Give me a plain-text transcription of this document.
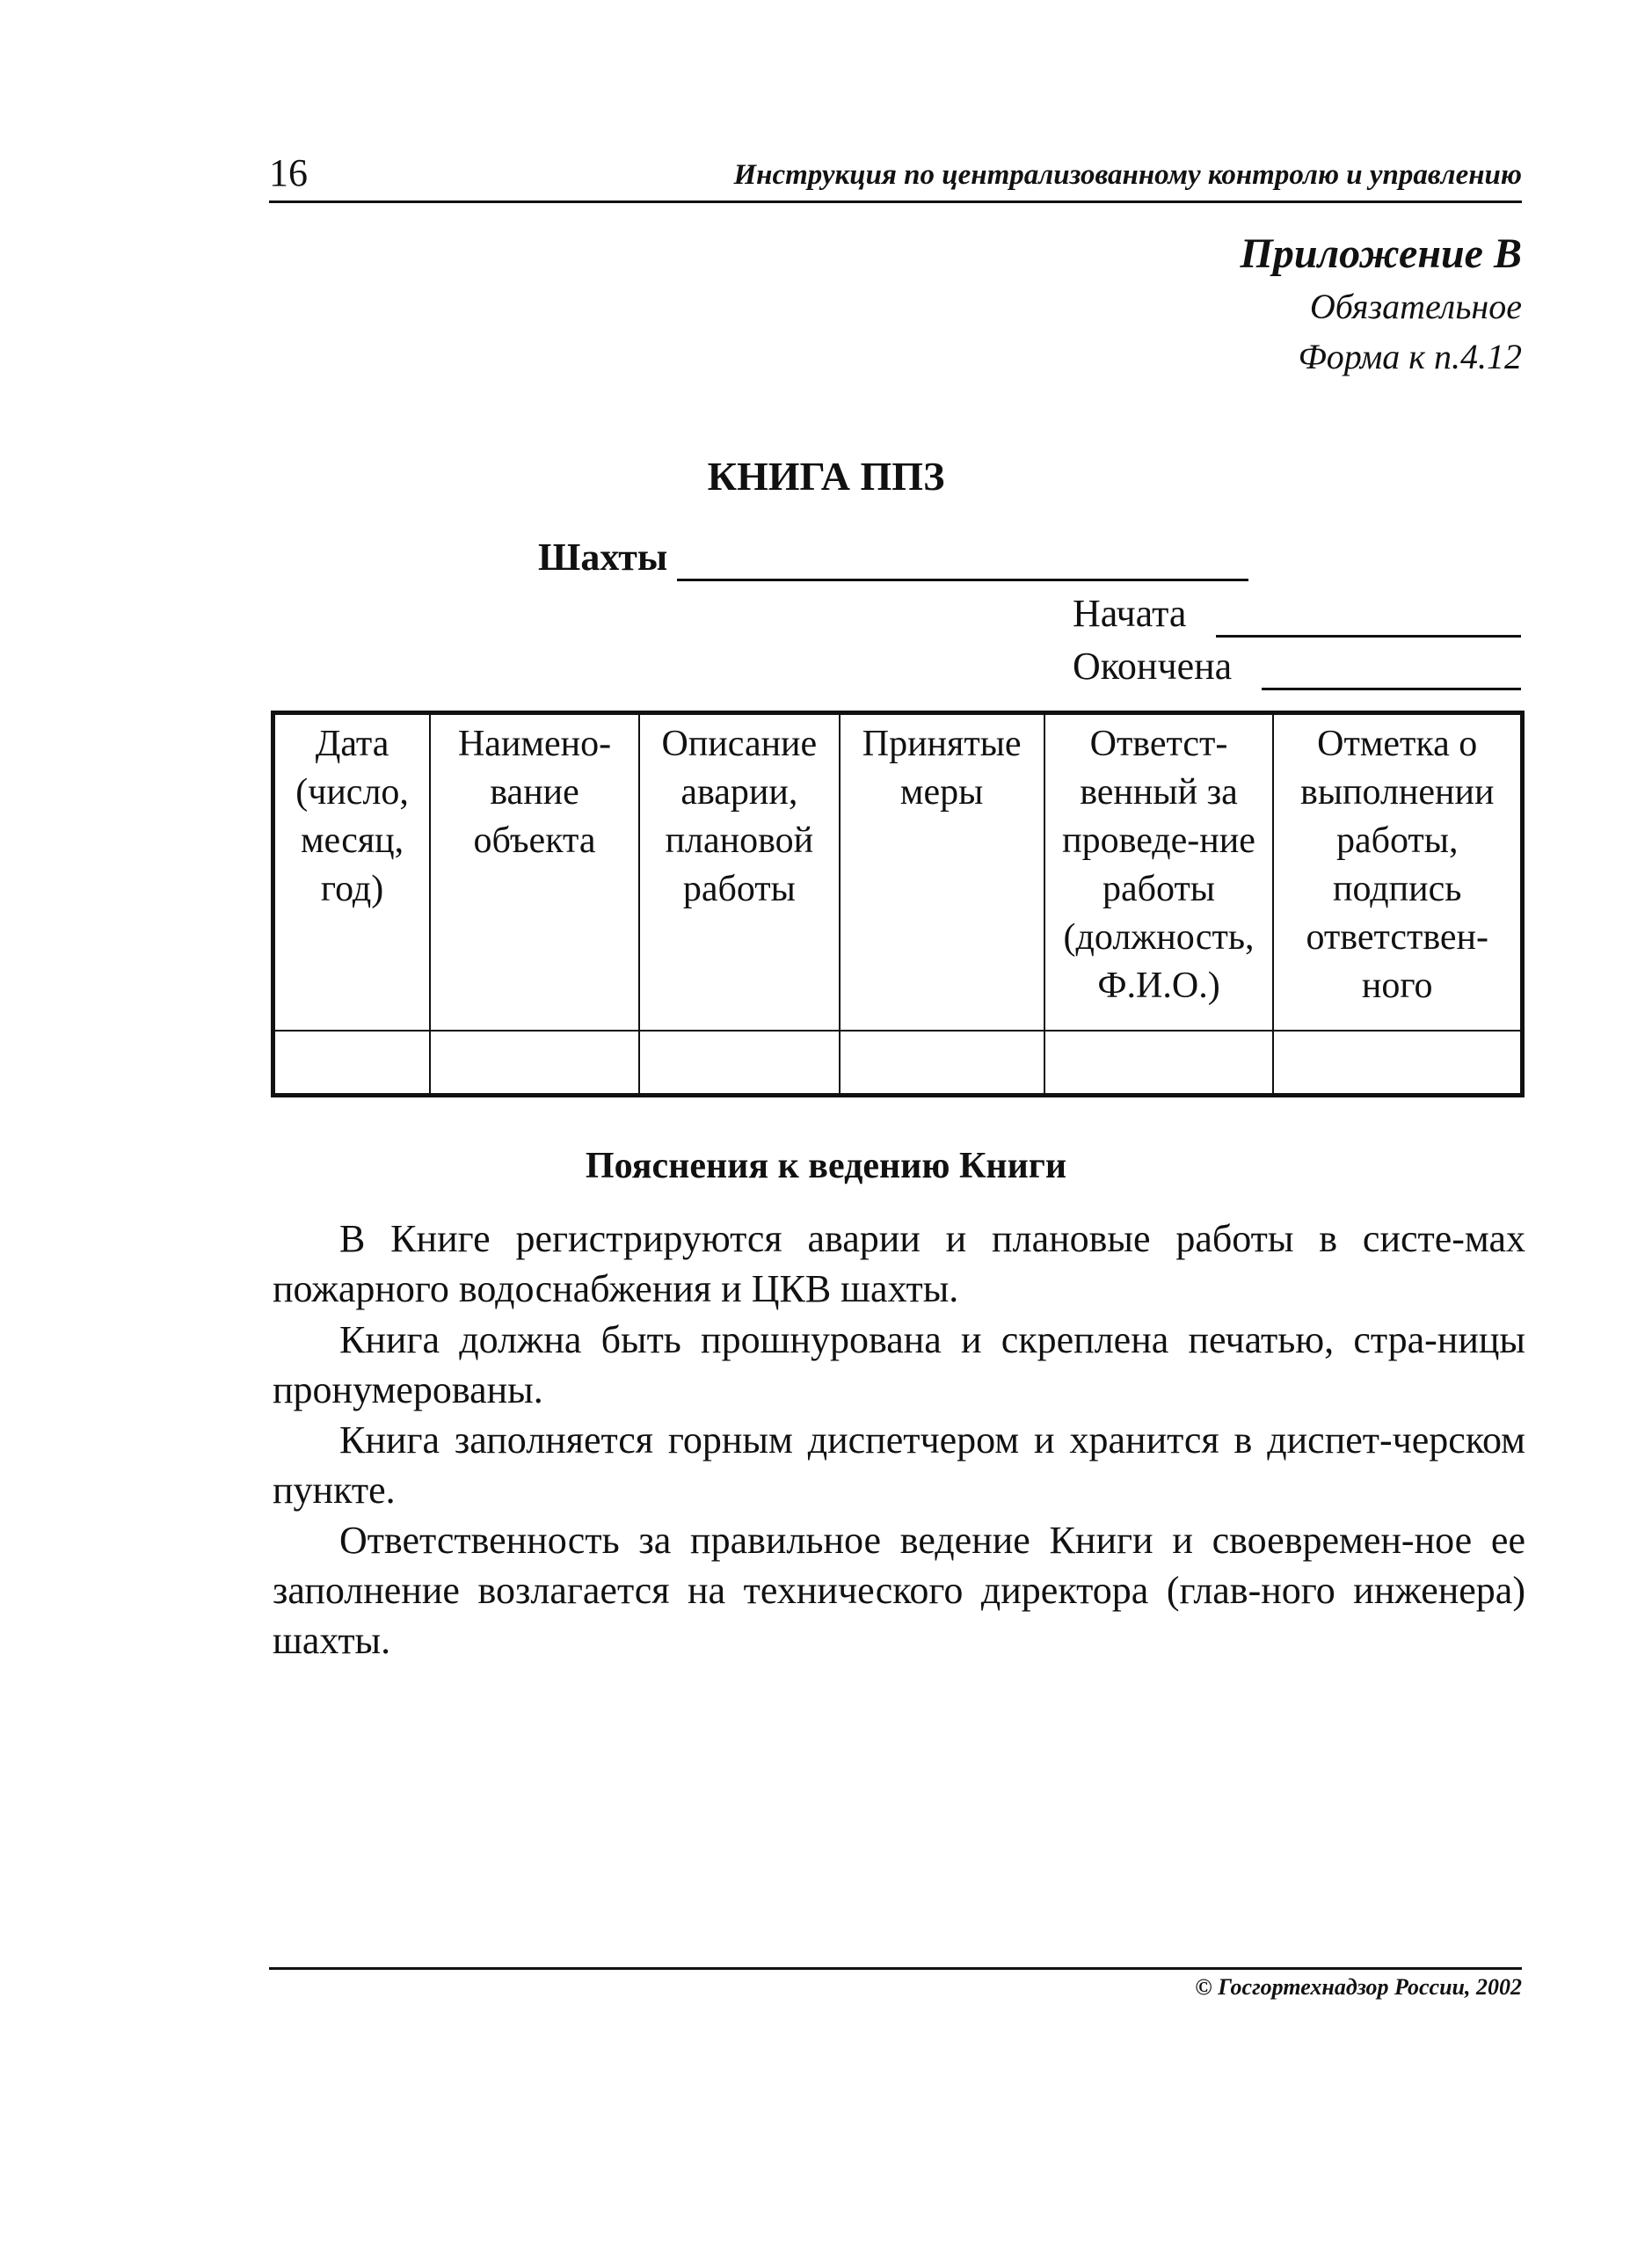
16	Инструкция по централизованному контролю и управлению
Приложение В
Обязательное
Форма к п.4.12
КНИГА ППЗ
Шахты
Начата
Окончена
Дата (число, месяц, год)	Наимено-вание объекта	Описание аварии, плановой работы	Принятые меры	Ответст-венный за проведе-ние работы (должность, Ф.И.О.)	Отметка о выполнении работы, подпись ответствен-ного

Пояснения к ведению Книги

В Книге регистрируются аварии и плановые работы в систе-мах пожарного водоснабжения и ЦКВ шахты.

Книга должна быть прошнурована и скреплена печатью, стра-ницы пронумерованы.

Книга заполняется горным диспетчером и хранится в диспет-черском пункте.

Ответственность за правильное ведение Книги и своевремен-ное ее заполнение возлагается на технического директора (глав-ного инженера) шахты.

© Госгортехнадзор России, 2002
